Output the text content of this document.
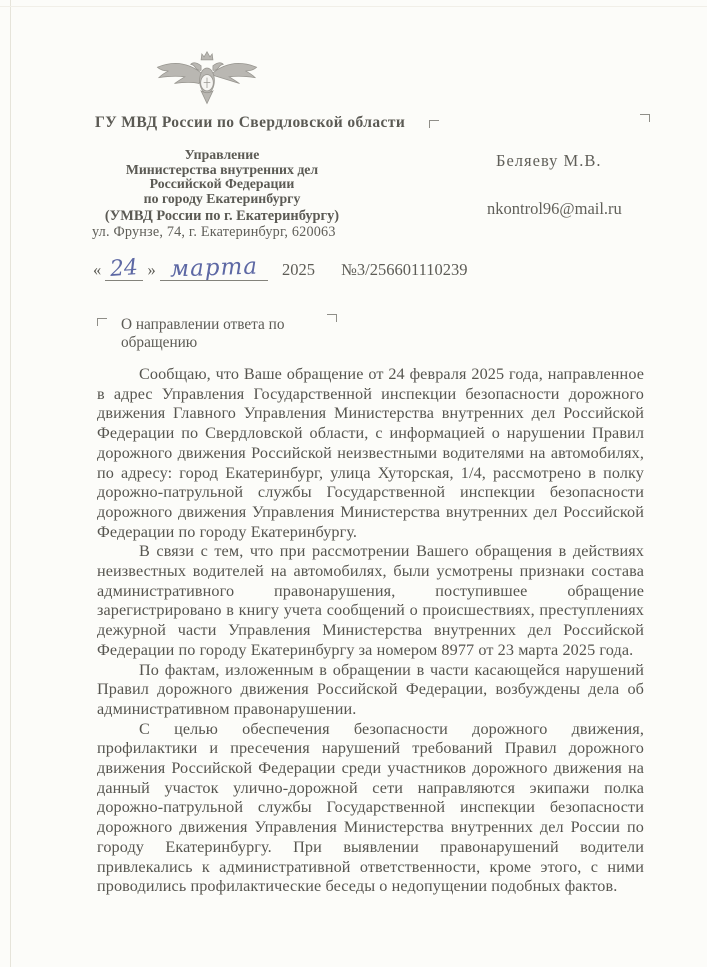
ГУ МВД России по Свердловской области
Управление
Министерства внутренних дел
Российской Федерации
по городу Екатеринбургу
(УМВД России по г. Екатеринбургу)
ул. Фрунзе, 74, г. Екатеринбург, 620063
Беляеву М.В.
nkontrol96@mail.ru
« 24 » марта 2025 №3/256601110239
О направлении ответа по обращению

Сообщаю, что Ваше обращение от 24 февраля 2025 года, направленное в адрес Управления Государственной инспекции безопасности дорожного движения Главного Управления Министерства внутренних дел Российской Федерации по Свердловской области, с информацией о нарушении Правил дорожного движения Российской неизвестными водителями на автомобилях, по адресу: город Екатеринбург, улица Хуторская, 1/4, рассмотрено в полку дорожно-патрульной службы Государственной инспекции безопасности дорожного движения Управления Министерства внутренних дел Российской Федерации по городу Екатеринбургу.

В связи с тем, что при рассмотрении Вашего обращения в действиях неизвестных водителей на автомобилях, были усмотрены признаки состава административного правонарушения, поступившее обращение зарегистрировано в книгу учета сообщений о происшествиях, преступлениях дежурной части Управления Министерства внутренних дел Российской Федерации по городу Екатеринбургу за номером 8977 от 23 марта 2025 года.

По фактам, изложенным в обращении в части касающейся нарушений Правил дорожного движения Российской Федерации, возбуждены дела об административном правонарушении.

С целью обеспечения безопасности дорожного движения, профилактики и пресечения нарушений требований Правил дорожного движения Российской Федерации среди участников дорожного движения на данный участок улично-дорожной сети направляются экипажи полка дорожно-патрульной службы Государственной инспекции безопасности дорожного движения Управления Министерства внутренних дел России по городу Екатеринбургу. При выявлении правонарушений водители привлекались к административной ответственности, кроме этого, с ними проводились профилактические беседы о недопущении подобных фактов.
